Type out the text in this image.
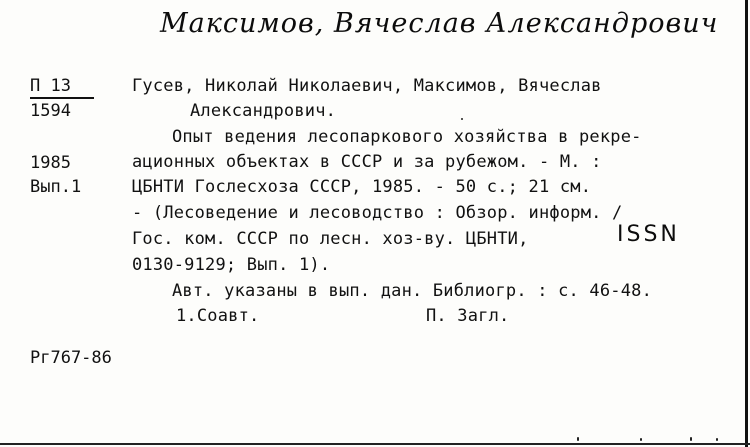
Максимов, Вячеслав Александрович
П 13
1594
1985
Вып.1
Гусев, Николай Николаевич, Максимов, Вячеслав
Александрович.
Опыт ведения лесопаркового хозяйства в рекре-
ационных объектах в СССР и за рубежом. - М. :
ЦБНТИ Гослесхоза СССР, 1985. - 50 с.; 21 см.
- (Лесоведение и лесоводство : Обзор. информ. /
Гос. ком. СССР по лесн. хоз-ву. ЦБНТИ,	ISSN
0130-9129; Вып. 1).
Авт. указаны в вып. дан. Библиогр. : с. 46-48.
1.Соавт.	П. Загл.
Рг767-86
